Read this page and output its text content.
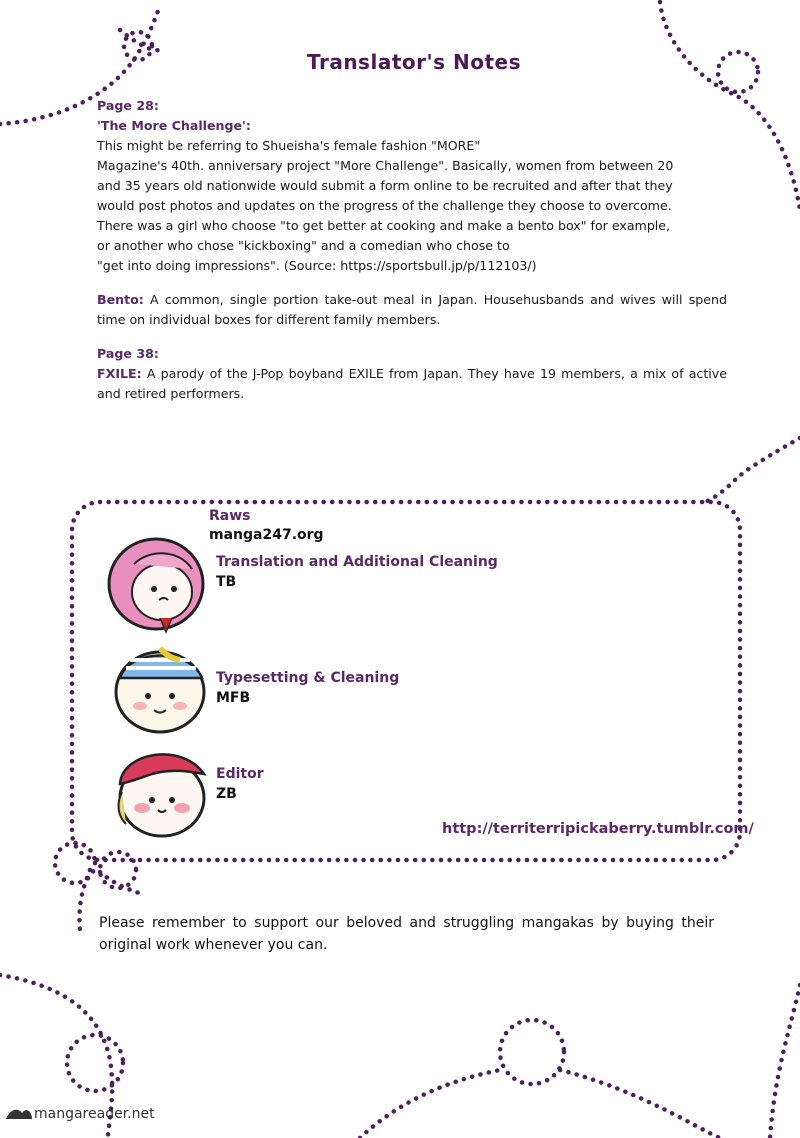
Translator's Notes

Page 28:
'The More Challenge':
This might be referring to Shueisha's female fashion "MORE"
Magazine's 40th. anniversary project "More Challenge". Basically, women from between 20
and 35 years old nationwide would submit a form online to be recruited and after that they
would post photos and updates on the progress of the challenge they choose to overcome.
There was a girl who choose "to get better at cooking and make a bento box" for example,
or another who chose "kickboxing" and a comedian who chose to
"get into doing impressions". (Source: https://sportsbull.jp/p/112103/)

Bento: A common, single portion take-out meal in Japan. Househusbands and wives will spend time on individual boxes for different family members.

Page 38:
FXILE: A parody of the J-Pop boyband EXILE from Japan. They have 19 members, a mix of active and retired performers.

Raws
manga247.org
Translation and Additional Cleaning
TB
Typesetting & Cleaning
MFB
Editor
ZB
http://territerripickaberry.tumblr.com/
Please remember to support our beloved and struggling mangakas by buying their original work whenever you can.
mangareader.net
